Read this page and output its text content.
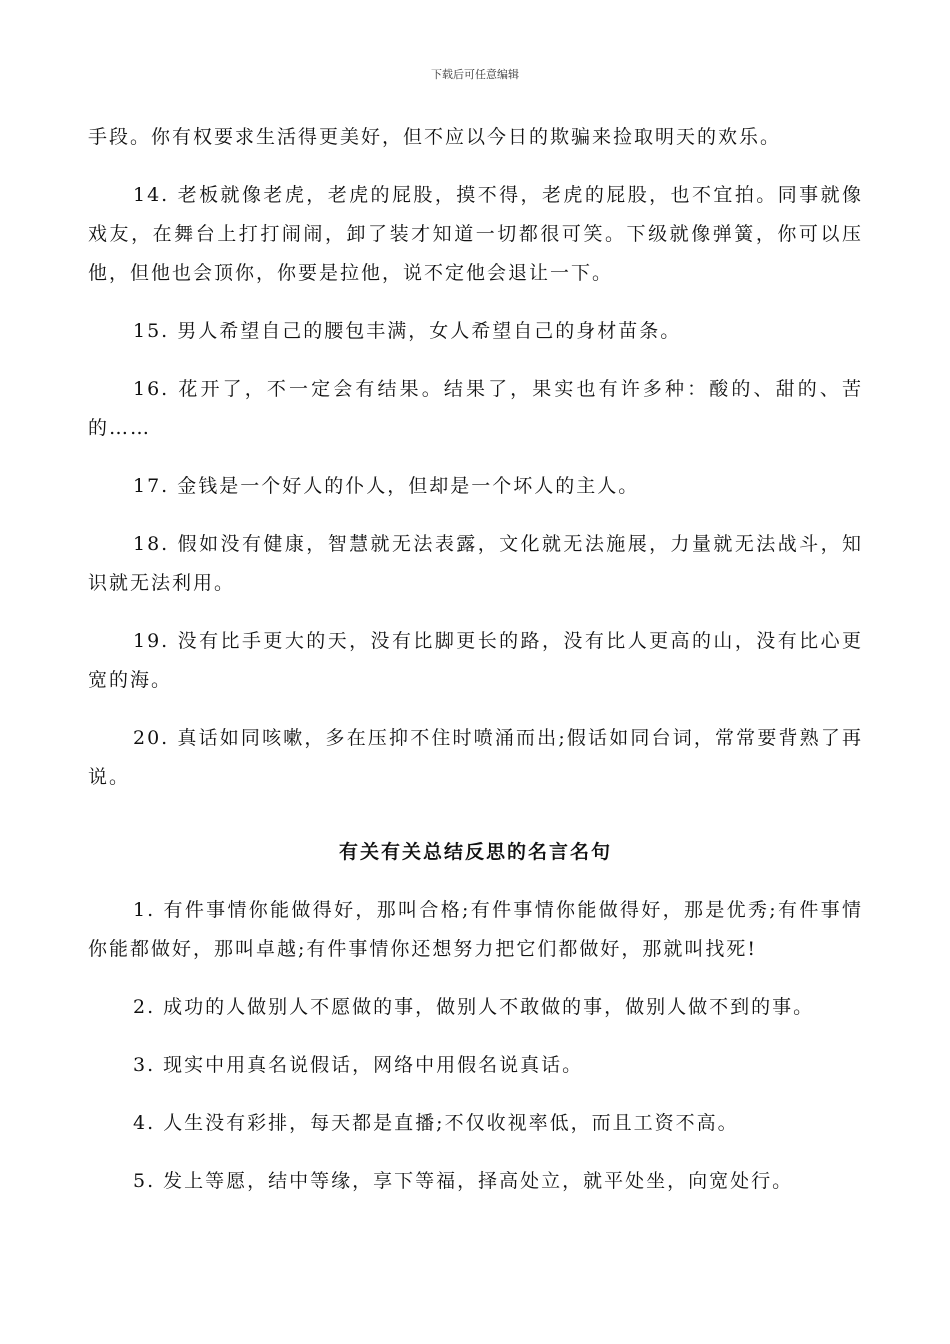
下载后可任意编辑

手段。你有权要求生活得更美好，但不应以今日的欺骗来捡取明天的欢乐。

14. 老板就像老虎，老虎的屁股，摸不得，老虎的屁股，也不宜拍。同事就像戏友，在舞台上打打闹闹，卸了装才知道一切都很可笑。下级就像弹簧，你可以压他，但他也会顶你，你要是拉他，说不定他会退让一下。

15. 男人希望自己的腰包丰满，女人希望自己的身材苗条。

16. 花开了，不一定会有结果。结果了，果实也有许多种：酸的、甜的、苦的……

17. 金钱是一个好人的仆人，但却是一个坏人的主人。

18. 假如没有健康，智慧就无法表露，文化就无法施展，力量就无法战斗，知识就无法利用。

19. 没有比手更大的天，没有比脚更长的路，没有比人更高的山，没有比心更宽的海。

20. 真话如同咳嗽，多在压抑不住时喷涌而出;假话如同台词，常常要背熟了再说。

有关有关总结反思的名言名句

1. 有件事情你能做得好，那叫合格;有件事情你能做得好，那是优秀;有件事情你能都做好，那叫卓越;有件事情你还想努力把它们都做好，那就叫找死!

2. 成功的人做别人不愿做的事，做别人不敢做的事，做别人做不到的事。

3. 现实中用真名说假话，网络中用假名说真话。

4. 人生没有彩排，每天都是直播;不仅收视率低，而且工资不高。

5. 发上等愿，结中等缘，享下等福，择高处立，就平处坐，向宽处行。
